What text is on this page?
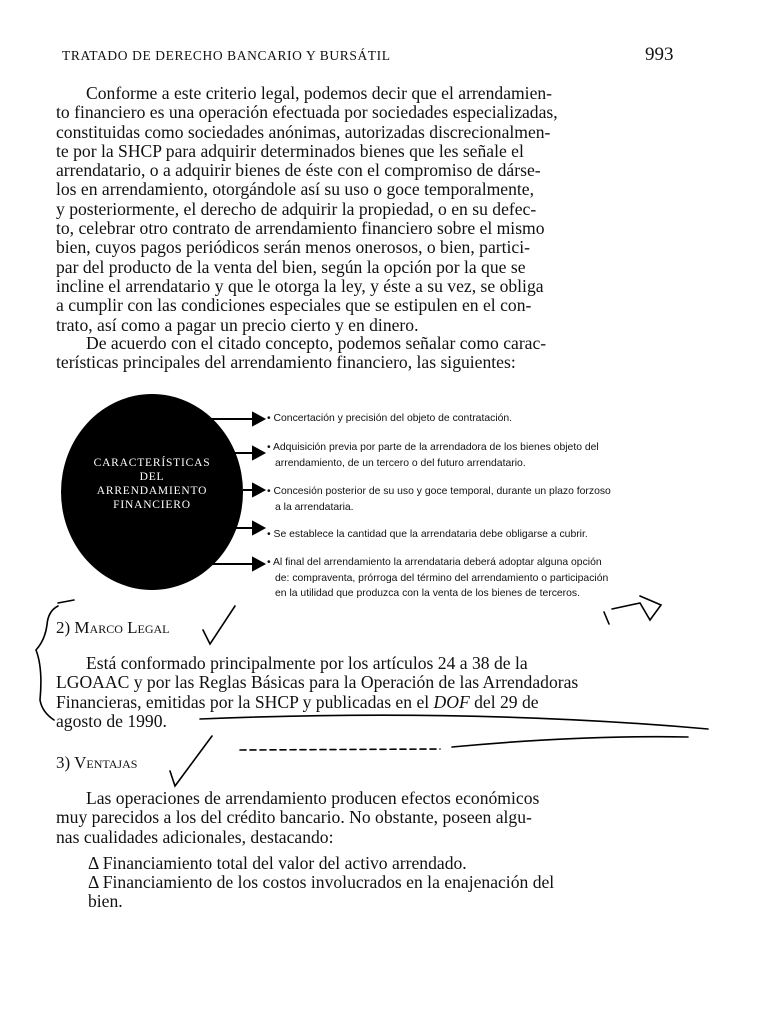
TRATADO DE DERECHO BANCARIO Y BURSÁTIL	993
Conforme a este criterio legal, podemos decir que el arrendamien-
to financiero es una operación efectuada por sociedades especializadas,
constituidas como sociedades anónimas, autorizadas discrecionalmen-
te por la SHCP para adquirir determinados bienes que les señale el
arrendatario, o a adquirir bienes de éste con el compromiso de dárse-
los en arrendamiento, otorgándole así su uso o goce temporalmente,
y posteriormente, el derecho de adquirir la propiedad, o en su defec-
to, celebrar otro contrato de arrendamiento financiero sobre el mismo
bien, cuyos pagos periódicos serán menos onerosos, o bien, partici-
par del producto de la venta del bien, según la opción por la que se
incline el arrendatario y que le otorga la ley, y éste a su vez, se obliga
a cumplir con las condiciones especiales que se estipulen en el con-
trato, así como a pagar un precio cierto y en dinero.
De acuerdo con el citado concepto, podemos señalar como carac-
terísticas principales del arrendamiento financiero, las siguientes:
CARACTERÍSTICAS
DEL
ARRENDAMIENTO
FINANCIERO
• Concertación y precisión del objeto de contratación.
• Adquisición previa por parte de la arrendadora de los bienes objeto del
arrendamiento, de un tercero o del futuro arrendatario.
• Concesión posterior de su uso y goce temporal, durante un plazo forzoso
a la arrendataria.
• Se establece la cantidad que la arrendataria debe obligarse a cubrir.
• Al final del arrendamiento la arrendataria deberá adoptar alguna opción
de: compraventa, prórroga del término del arrendamiento o participación
en la utilidad que produzca con la venta de los bienes de terceros.
2) Marco Legal
Está conformado principalmente por los artículos 24 a 38 de la
LGOAAC y por las Reglas Básicas para la Operación de las Arrendadoras
Financieras, emitidas por la SHCP y publicadas en el DOF del 29 de
agosto de 1990.
3) Ventajas
Las operaciones de arrendamiento producen efectos económicos
muy parecidos a los del crédito bancario. No obstante, poseen algu-
nas cualidades adicionales, destacando:
Δ Financiamiento total del valor del activo arrendado.
Δ Financiamiento de los costos involucrados en la enajenación del
bien.
